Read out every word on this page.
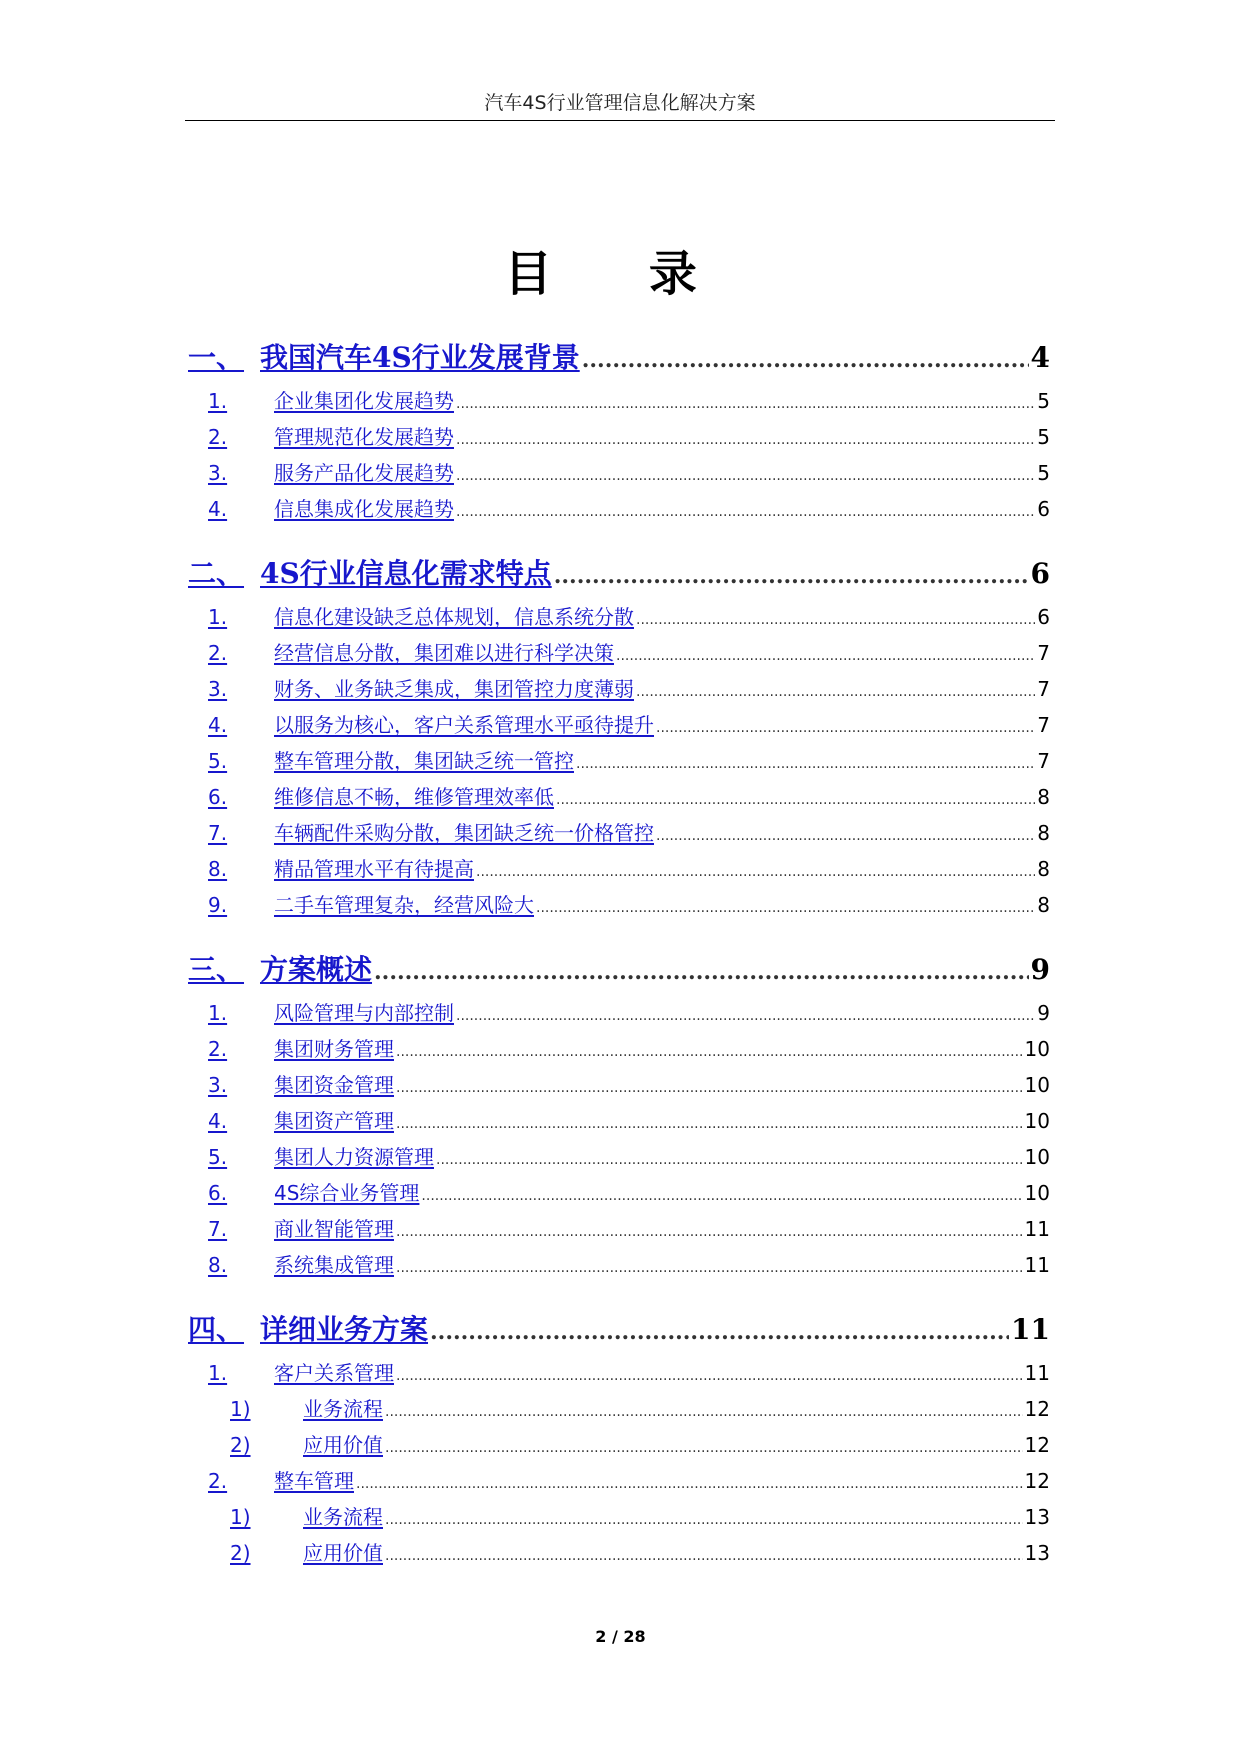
汽车4S行业管理信息化解决方案
目 录
一、 我国汽车4S行业发展背景 .....	4
1.	企业集团化发展趋势 .....	5
2.	管理规范化发展趋势 .....	5
3.	服务产品化发展趋势 .....	5
4.	信息集成化发展趋势 .....	6
二、 4S行业信息化需求特点 .....	6
1.	信息化建设缺乏总体规划，信息系统分散 .....	6
2.	经营信息分散，集团难以进行科学决策 .....	7
3.	财务、业务缺乏集成，集团管控力度薄弱 .....	7
4.	以服务为核心，客户关系管理水平亟待提升 .....	7
5.	整车管理分散，集团缺乏统一管控 .....	7
6.	维修信息不畅，维修管理效率低 .....	8
7.	车辆配件采购分散，集团缺乏统一价格管控 .....	8
8.	精品管理水平有待提高 .....	8
9.	二手车管理复杂，经营风险大 .....	8
三、 方案概述 .....	9
1.	风险管理与内部控制 .....	9
2.	集团财务管理 .....	10
3.	集团资金管理 .....	10
4.	集团资产管理 .....	10
5.	集团人力资源管理 .....	10
6.	4S综合业务管理 .....	10
7.	商业智能管理 .....	11
8.	系统集成管理 .....	11
四、 详细业务方案 .....	11
1.	客户关系管理 .....	11
1)	业务流程 .....	12
2)	应用价值 .....	12
2.	整车管理 .....	12
1)	业务流程 .....	13
2)	应用价值 .....	13
2 / 28
